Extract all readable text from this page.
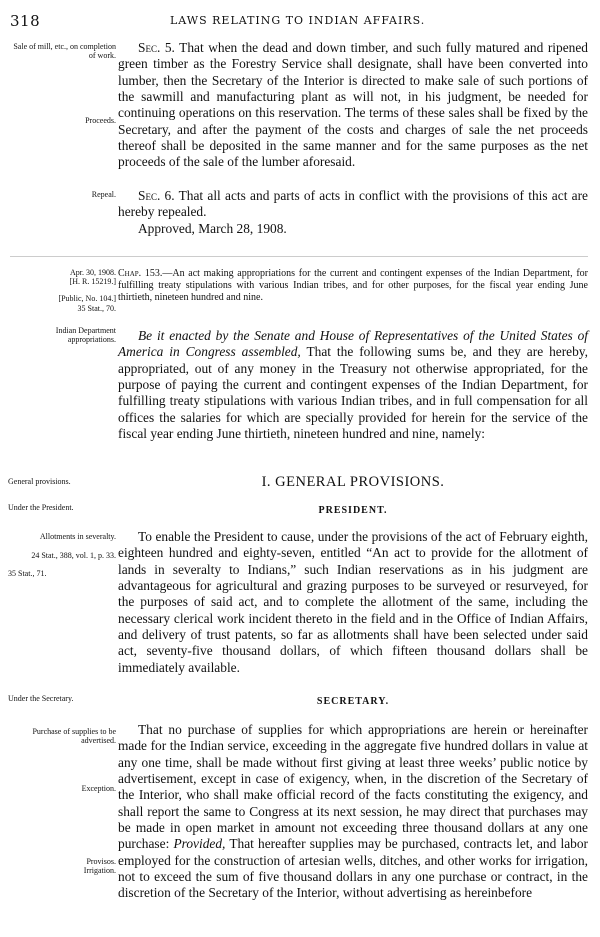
318	LAWS RELATING TO INDIAN AFFAIRS.
Sale of mill, etc., on completion of work.
Proceeds.
Repeal.
Apr. 30, 1908.
[H. R. 15219.]
[Public, No. 104.]
35 Stat., 70.
Indian Department appropriations.
General provisions.
Under the President.
Allotments in severalty.
24 Stat., 388, vol. 1, p. 33.
35 Stat., 71.
Under the Secretary.
Purchase of supplies to be advertised.
Exception.
Provisos.
Irrigation.
Sec. 5. That when the dead and down timber, and such fully matured and ripened green timber as the Forestry Service shall designate, shall have been converted into lumber, then the Secretary of the Interior is directed to make sale of such portions of the sawmill and manufacturing plant as will not, in his judgment, be needed for continuing operations on this reservation. The terms of these sales shall be fixed by the Secretary, and after the payment of the costs and charges of sale the net proceeds thereof shall be deposited in the same manner and for the same purposes as the net proceeds of the sale of the lumber aforesaid.
Sec. 6. That all acts and parts of acts in conflict with the provisions of this act are hereby repealed.
Approved, March 28, 1908.
Chap. 153.—An act making appropriations for the current and contingent expenses of the Indian Department, for fulfilling treaty stipulations with various Indian tribes, and for other purposes, for the fiscal year ending June thirtieth, nineteen hundred and nine.
Be it enacted by the Senate and House of Representatives of the United States of America in Congress assembled, That the following sums be, and they are hereby, appropriated, out of any money in the Treasury not otherwise appropriated, for the purpose of paying the current and contingent expenses of the Indian Department, for fulfilling treaty stipulations with various Indian tribes, and in full compensation for all offices the salaries for which are specially provided for herein for the service of the fiscal year ending June thirtieth, nineteen hundred and nine, namely:
I. GENERAL PROVISIONS.
PRESIDENT.
To enable the President to cause, under the provisions of the act of February eighth, eighteen hundred and eighty-seven, entitled “An act to provide for the allotment of lands in severalty to Indians,” such Indian reservations as in his judgment are advantageous for agricultural and grazing purposes to be surveyed or resurveyed, for the purposes of said act, and to complete the allotment of the same, including the necessary clerical work incident thereto in the field and in the Office of Indian Affairs, and delivery of trust patents, so far as allotments shall have been selected under said act, seventy-five thousand dollars, of which fifteen thousand dollars shall be immediately available.
SECRETARY.
That no purchase of supplies for which appropriations are herein or hereinafter made for the Indian service, exceeding in the aggregate five hundred dollars in value at any one time, shall be made without first giving at least three weeks’ public notice by advertisement, except in case of exigency, when, in the discretion of the Secretary of the Interior, who shall make official record of the facts constituting the exigency, and shall report the same to Congress at its next session, he may direct that purchases may be made in open market in amount not exceeding three thousand dollars at any one purchase: Provided, That hereafter supplies may be purchased, contracts let, and labor employed for the construction of artesian wells, ditches, and other works for irrigation, not to exceed the sum of five thousand dollars in any one purchase or contract, in the discretion of the Secretary of the Interior, without advertising as hereinbefore
